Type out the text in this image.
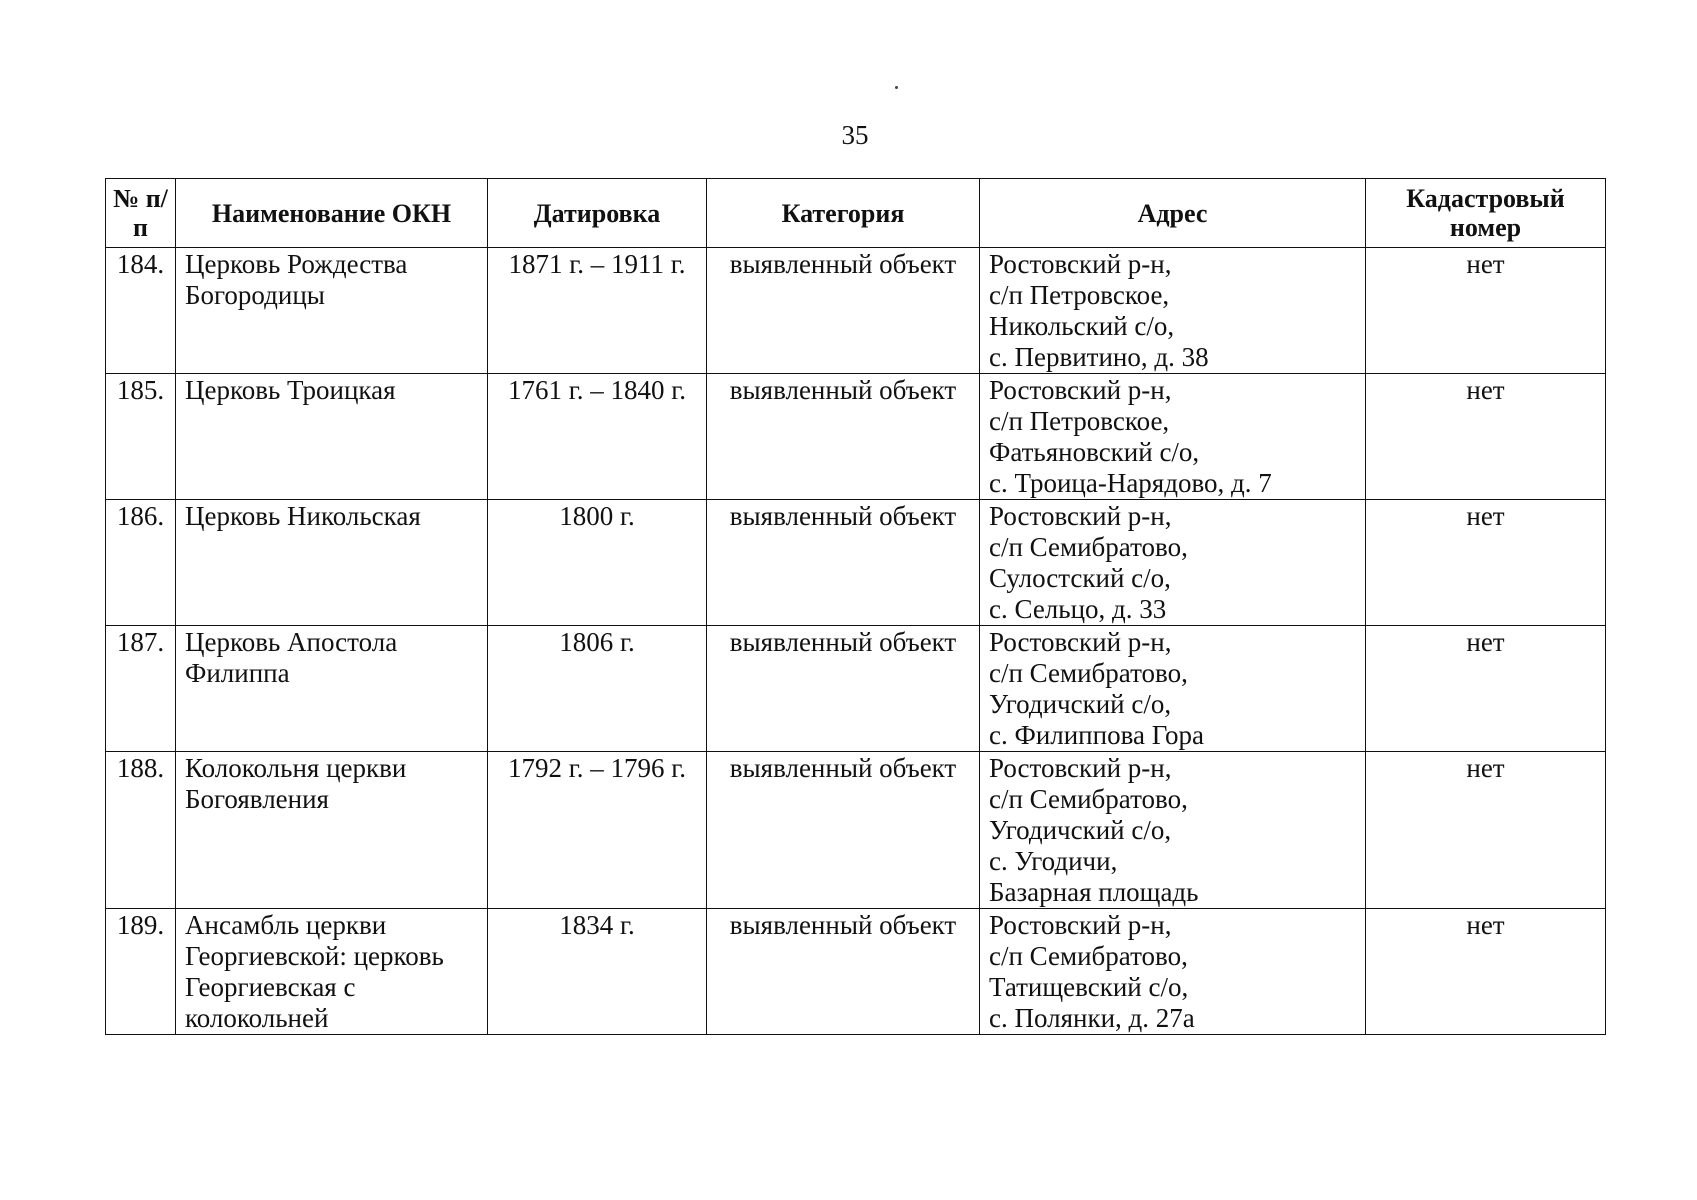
35
№ п/п	Наименование ОКН	Датировка	Категория	Адрес	Кадастровый номер
184.	Церковь Рождества Богородицы	1871 г. – 1911 г.	выявленный объект	Ростовский р-н,
с/п Петровское,
Никольский с/о,
с. Первитино, д. 38	нет
185.	Церковь Троицкая	1761 г. – 1840 г.	выявленный объект	Ростовский р-н,
с/п Петровское,
Фатьяновский с/о,
с. Троица-Нарядово, д. 7	нет
186.	Церковь Никольская	1800 г.	выявленный объект	Ростовский р-н,
с/п Семибратово,
Сулостский с/о,
с. Сельцо, д. 33	нет
187.	Церковь Апостола Филиппа	1806 г.	выявленный объект	Ростовский р-н,
с/п Семибратово,
Угодичский с/о,
с. Филиппова Гора	нет
188.	Колокольня церкви Богоявления	1792 г. – 1796 г.	выявленный объект	Ростовский р-н,
с/п Семибратово,
Угодичский с/о,
с. Угодичи,
Базарная площадь	нет
189.	Ансамбль церкви Георгиевской: церковь Георгиевская с колокольней	1834 г.	выявленный объект	Ростовский р-н,
с/п Семибратово,
Татищевский с/о,
с. Полянки, д. 27а	нет
